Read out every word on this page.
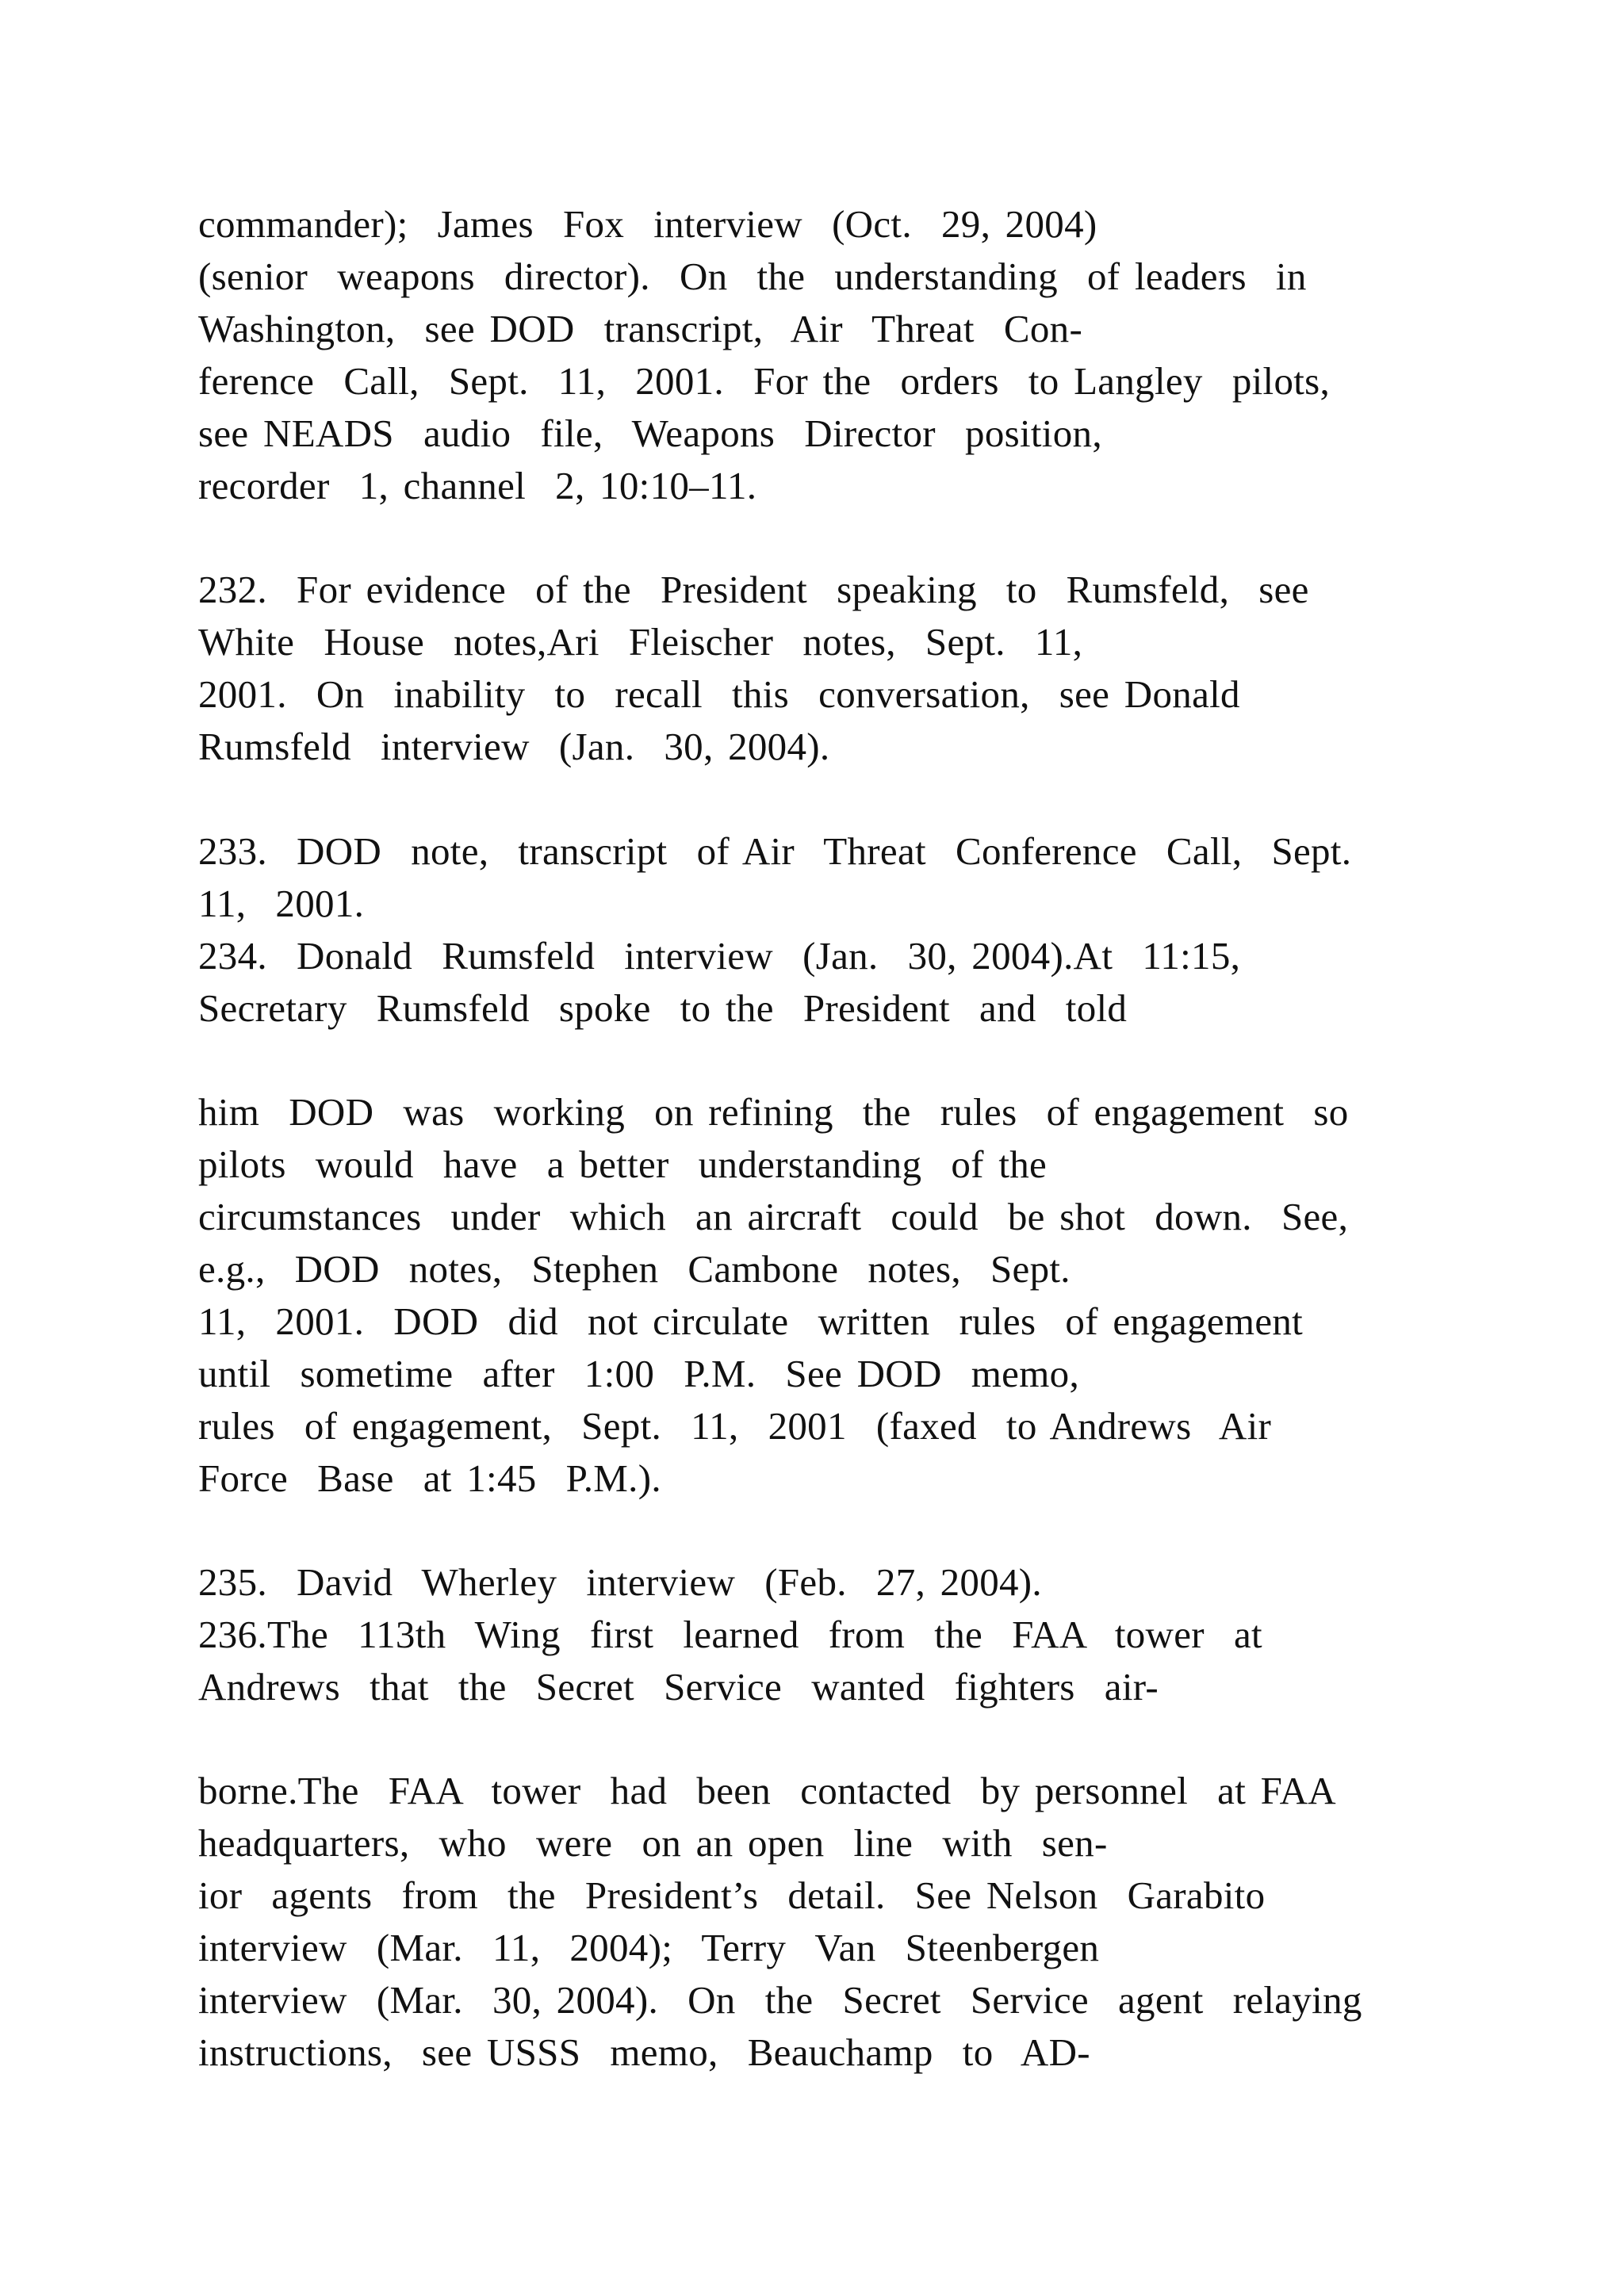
commander);  James  Fox  interview  (Oct.  29, 2004)
(senior  weapons  director).  On  the  understanding  of leaders  in
Washington,  see DOD  transcript,  Air  Threat  Con-
ference  Call,  Sept.  11,  2001.  For the  orders  to Langley  pilots,
see NEADS  audio  file,  Weapons  Director  position,
recorder  1, channel  2, 10:10–11.
232.  For evidence  of the  President  speaking  to  Rumsfeld,  see
White  House  notes,Ari  Fleischer  notes,  Sept.  11,
2001.  On  inability  to  recall  this  conversation,  see Donald
Rumsfeld  interview  (Jan.  30, 2004).
233.  DOD  note,  transcript  of Air  Threat  Conference  Call,  Sept.
11,  2001.
234.  Donald  Rumsfeld  interview  (Jan.  30, 2004).At  11:15,
Secretary  Rumsfeld  spoke  to the  President  and  told
him  DOD  was  working  on refining  the  rules  of engagement  so
pilots  would  have  a better  understanding  of the
circumstances  under  which  an aircraft  could  be shot  down.  See,
e.g.,  DOD  notes,  Stephen  Cambone  notes,  Sept.
11,  2001.  DOD  did  not circulate  written  rules  of engagement
until  sometime  after  1:00  P.M.  See DOD  memo,
rules  of engagement,  Sept.  11,  2001  (faxed  to Andrews  Air
Force  Base  at 1:45  P.M.).
235.  David  Wherley  interview  (Feb.  27, 2004).
236.The  113th  Wing  first  learned  from  the  FAA  tower  at
Andrews  that  the  Secret  Service  wanted  fighters  air-
borne.The  FAA  tower  had  been  contacted  by personnel  at FAA
headquarters,  who  were  on an open  line  with  sen-
ior  agents  from  the  President’s  detail.  See Nelson  Garabito
interview  (Mar.  11,  2004);  Terry  Van  Steenbergen
interview  (Mar.  30, 2004).  On  the  Secret  Service  agent  relaying
instructions,  see USSS  memo,  Beauchamp  to  AD-
